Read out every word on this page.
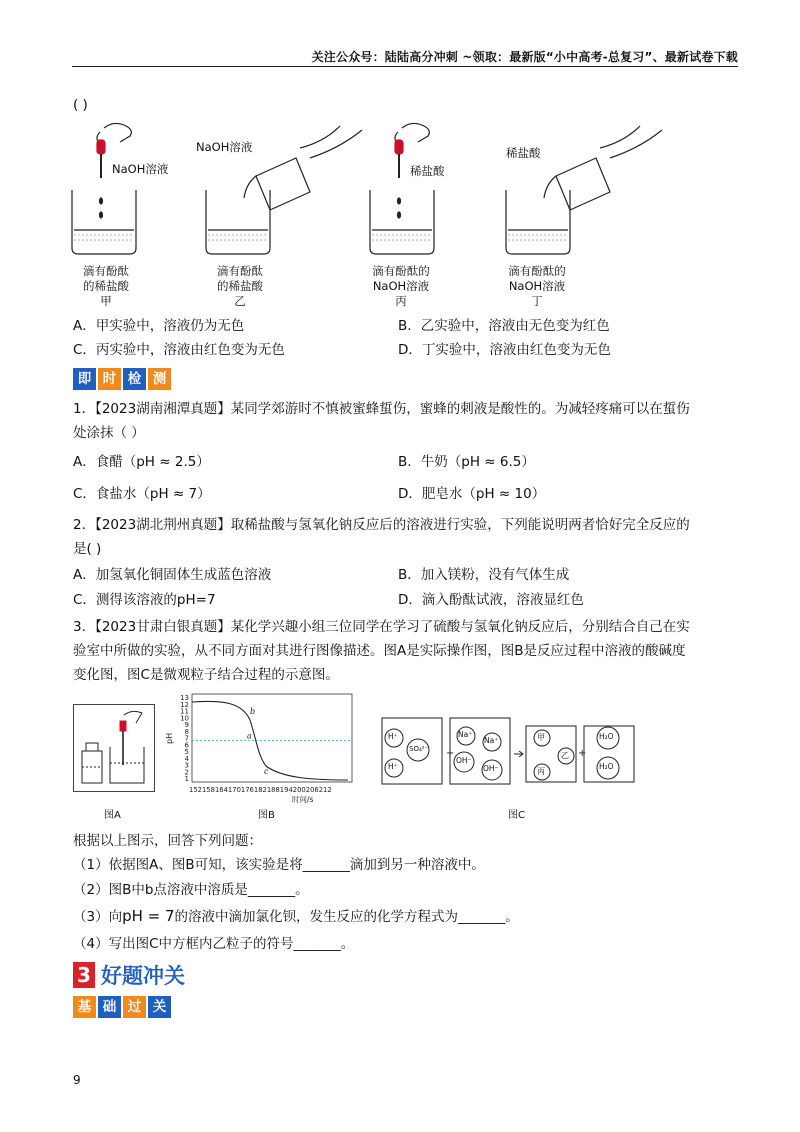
关注公众号：陆陆高分冲刺 ~领取：最新版“小中高考-总复习”、最新试卷下载
( )
NaOH溶液
NaOH溶液
稀盐酸
稀盐酸
滴有酚酞
的稀盐酸
甲
滴有酚酞
的稀盐酸
乙
滴有酚酞的
NaOH溶液
丙
滴有酚酞的
NaOH溶液
丁
A．甲实验中，溶液仍为无色	B．乙实验中，溶液由无色变为红色
C．丙实验中，溶液由红色变为无色	D．丁实验中，溶液由红色变为无色
即 时 检 测
1．【2023湖南湘潭真题】某同学郊游时不慎被蜜蜂蜇伤，蜜蜂的刺液是酸性的。为减轻疼痛可以在蜇伤
处涂抹（ ）
A．食醋（pH ≈ 2.5）	B．牛奶（pH ≈ 6.5）
C．食盐水（pH ≈ 7）	D．肥皂水（pH ≈ 10）
2．【2023湖北荆州真题】取稀盐酸与氢氧化钠反应后的溶液进行实验，下列能说明两者恰好完全反应的
是( )
A．加氢氧化铜固体生成蓝色溶液	B．加入镁粉，没有气体生成
C．测得该溶液的pH=7	D．滴入酚酞试液，溶液显红色
3．【2023甘肃白银真题】某化学兴趣小组三位同学在学习了硫酸与氢氧化钠反应后，分别结合自己在实
验室中所做的实验，从不同方面对其进行图像描述。图A是实际操作图，图B是反应过程中溶液的酸碱度
变化图，图C是微观粒子结合过程的示意图。
图A
13
12
11
10
9
8
7
6
5
4
3
2
1
b
a
c
pH
152158164170176182188194200206212
时间/s
图B
+	+
H⁺
SO₄²⁻
H⁺
Na⁺
Na⁺
OH⁻
OH⁻
甲
乙
丙
H₂O
H₂O
图C
根据以上图示，回答下列问题：
（1）依据图A、图B可知，该实验是将_______滴加到另一种溶液中。
（2）图B中b点溶液中溶质是_______。
（3）向pH = 7的溶液中滴加氯化钡，发生反应的化学方程式为_______。
（4）写出图C中方框内乙粒子的符号_______。
3 好题冲关
基 础 过 关
9
